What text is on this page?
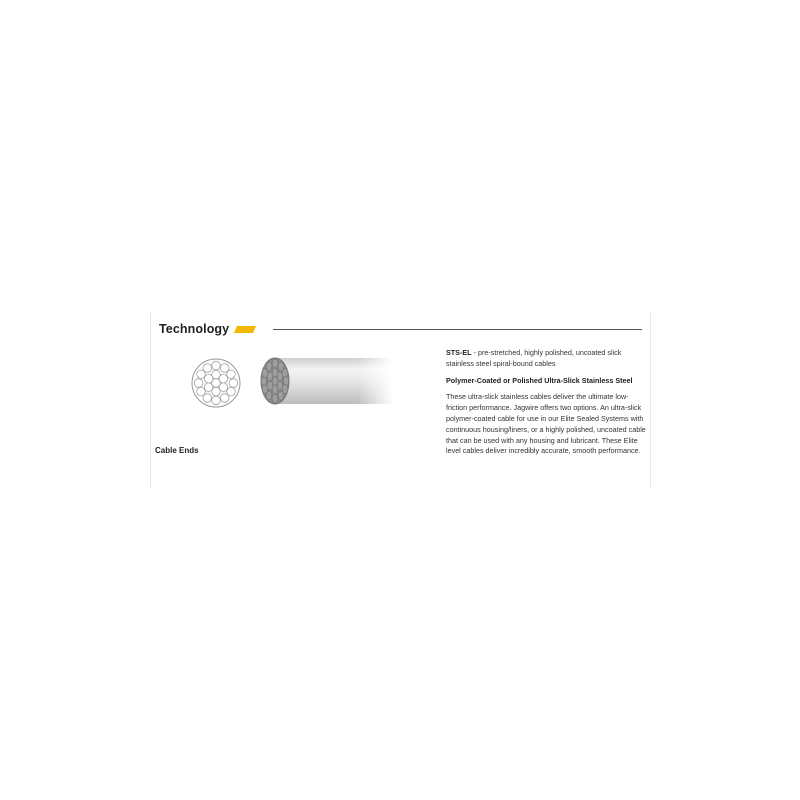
Technology
Cable Ends

STS-EL - pre-stretched, highly polished, uncoated slick stainless steel spiral-bound cables

Polymer-Coated or Polished Ultra-Slick Stainless Steel

These ultra-slick stainless cables deliver the ultimate low-friction performance. Jagwire offers two options. An ultra-slick polymer-coated cable for use in our Elite Sealed Systems with continuous housing/liners, or a highly polished, uncoated cable that can be used with any housing and lubricant. These Elite level cables deliver incredibly accurate, smooth performance.
